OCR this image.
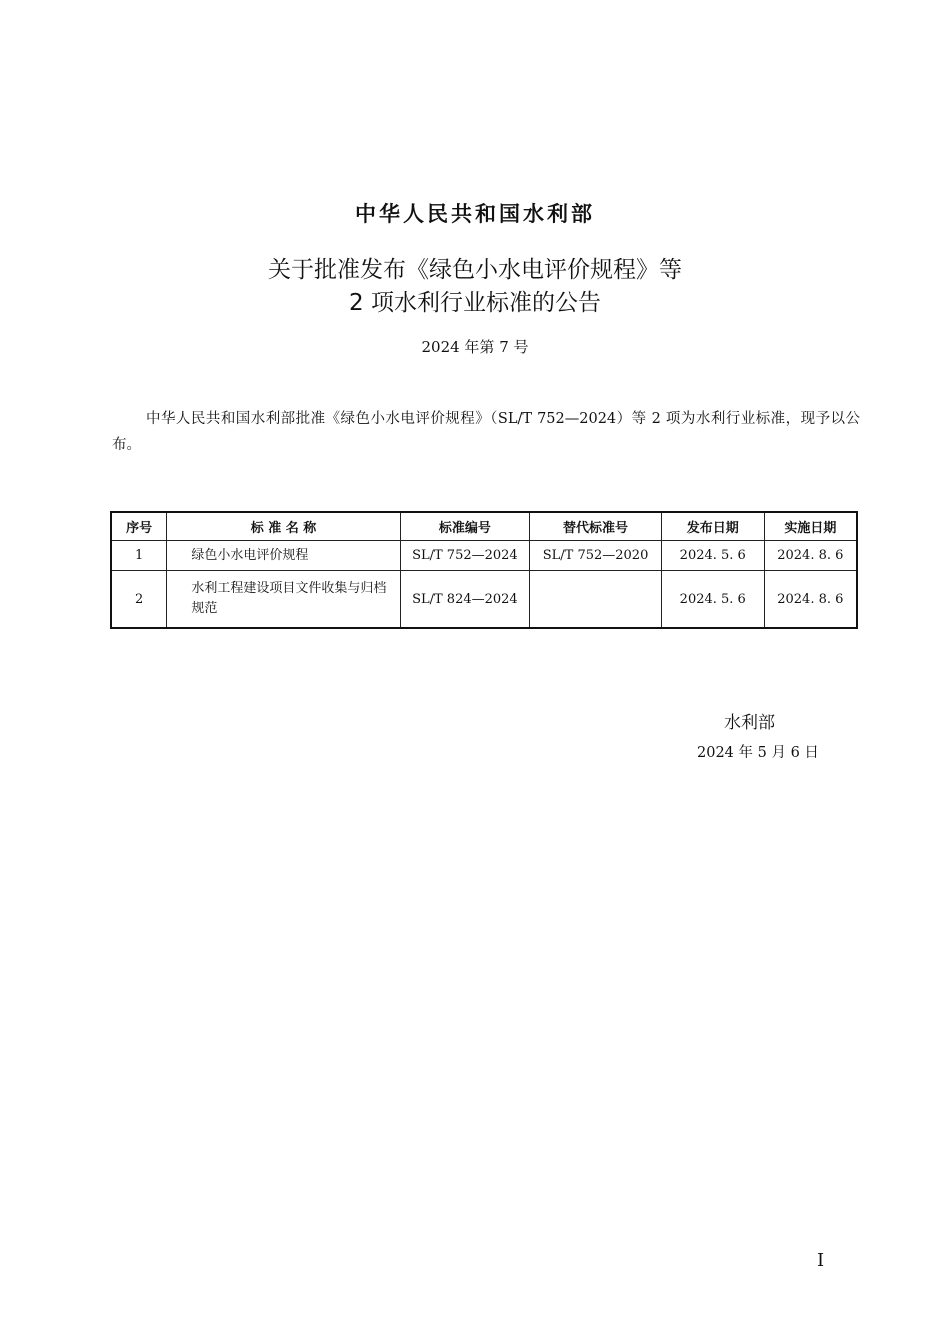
中华人民共和国水利部
关于批准发布《绿色小水电评价规程》等
2 项水利行业标准的公告
2024 年第 7 号
中华人民共和国水利部批准《绿色小水电评价规程》（SL/T 752—2024）等 2 项为水利行业标准，现予以公布。
序号	标 准 名 称	标准编号	替代标准号	发布日期	实施日期
1	绿色小水电评价规程	SL/T 752—2024	SL/T 752—2020	2024. 5. 6	2024. 8. 6
2	水利工程建设项目文件收集与归档规范	SL/T 824—2024		2024. 5. 6	2024. 8. 6
水利部
2024 年 5 月 6 日
I
